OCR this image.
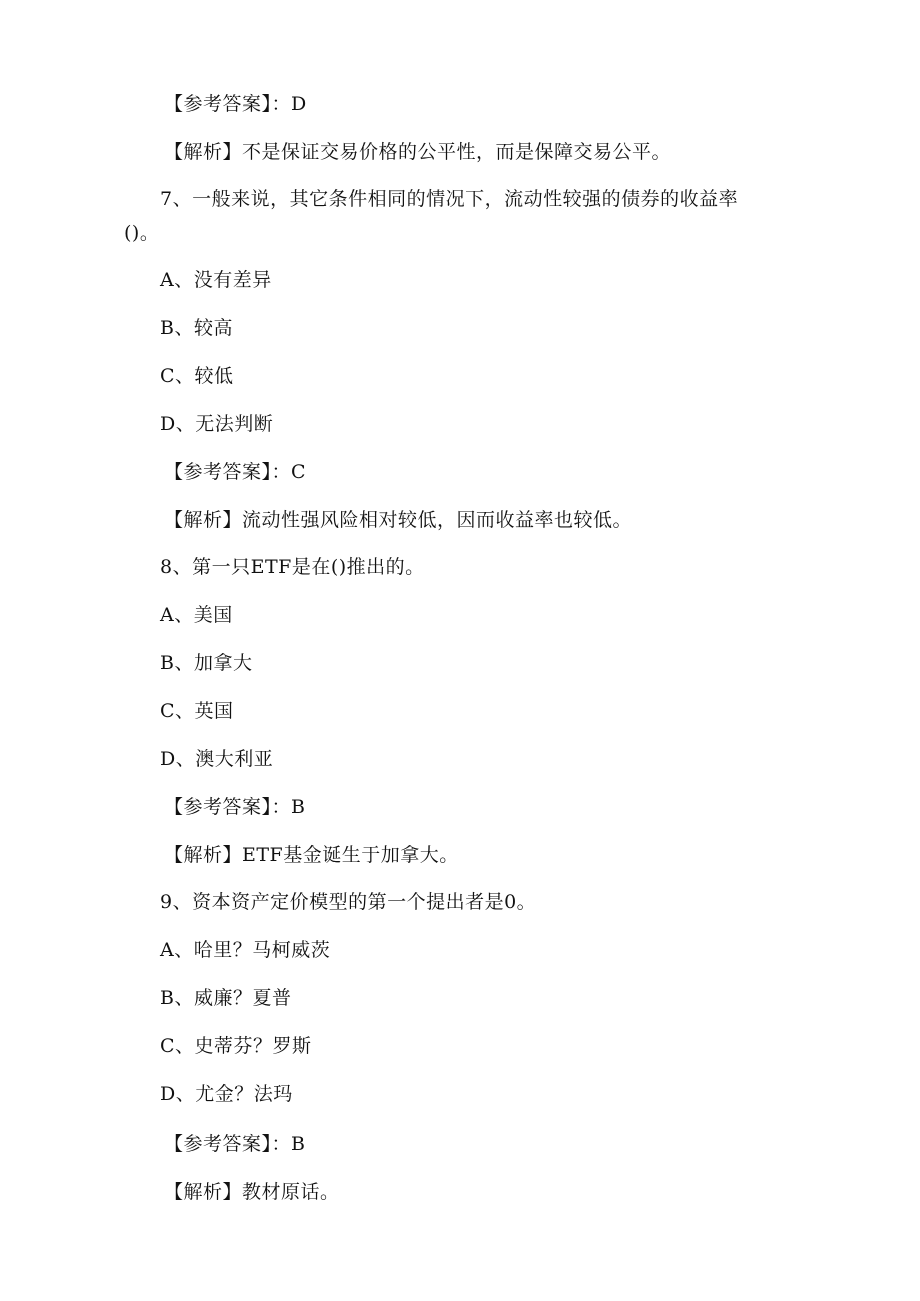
【参考答案】：D
【解析】不是保证交易价格的公平性，而是保障交易公平。
7、一般来说，其它条件相同的情况下，流动性较强的债券的收益率
()。
A、没有差异
B、较高
C、较低
D、无法判断
【参考答案】：C
【解析】流动性强风险相对较低，因而收益率也较低。
8、第一只ETF是在()推出的。
A、美国
B、加拿大
C、英国
D、澳大利亚
【参考答案】：B
【解析】ETF基金诞生于加拿大。
9、资本资产定价模型的第一个提出者是0。
A、哈里？马柯威茨
B、威廉？夏普
C、史蒂芬？罗斯
D、尤金？法玛
【参考答案】：B
【解析】教材原话。
